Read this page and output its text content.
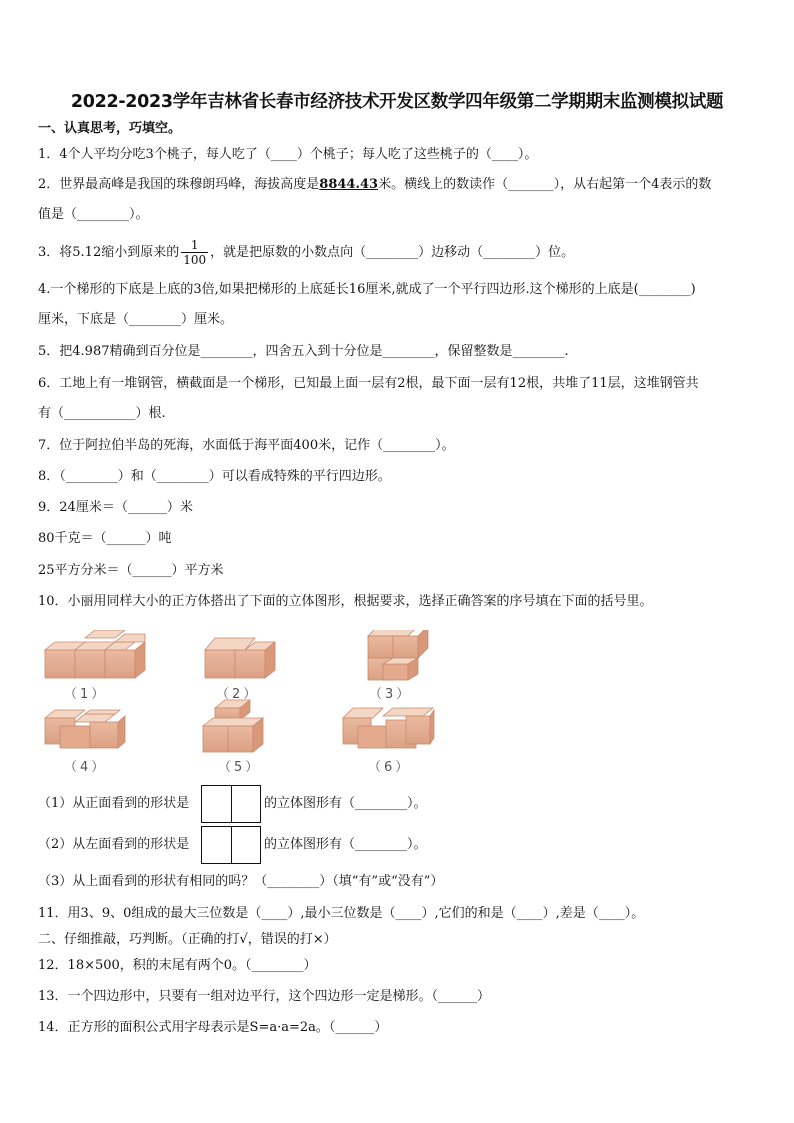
2022-2023学年吉林省长春市经济技术开发区数学四年级第二学期期末监测模拟试题
一、认真思考，巧填空。
1．4个人平均分吃3个桃子，每人吃了（____）个桃子；每人吃了这些桃子的（____）。
2．世界最高峰是我国的珠穆朗玛峰，海拔高度是8844.43米。横线上的数读作（_______），从右起第一个4表示的数
值是（________）。
3．将5.12缩小到原来的 $\frac{1}{100}$ ，就是把原数的小数点向（________）边移动（________）位。
4.一个梯形的下底是上底的3倍,如果把梯形的上底延长16厘米,就成了一个平行四边形.这个梯形的上底是(________)
厘米，下底是（________）厘米。
5．把4.987精确到百分位是________，四舍五入到十分位是________，保留整数是________.
6．工地上有一堆钢管，横截面是一个梯形，已知最上面一层有2根，最下面一层有12根，共堆了11层，这堆钢管共
有（___________）根.
7．位于阿拉伯半岛的死海，水面低于海平面400米，记作（________）。
8．（________）和（________）可以看成特殊的平行四边形。
9．24厘米＝（______）米
80千克＝（______）吨
25平方分米＝（______）平方米
10．小丽用同样大小的正方体搭出了下面的立体图形，根据要求，选择正确答案的序号填在下面的括号里。
（1）	（2）	（3）
（4）	（5）	（6）
（1）从正面看到的形状是	的立体图形有（________）。
（2）从左面看到的形状是	的立体图形有（________）。
（3）从上面看到的形状有相同的吗？（________）（填“有”或“没有”）
11．用3、9、0组成的最大三位数是（____）,最小三位数是（____）,它们的和是（____）,差是（____）。
二、仔细推敲，巧判断。（正确的打√，错误的打×）
12．18×500，积的末尾有两个0。（________）
13．一个四边形中，只要有一组对边平行，这个四边形一定是梯形。（______）
14．正方形的面积公式用字母表示是S=a·a=2a。（______）
